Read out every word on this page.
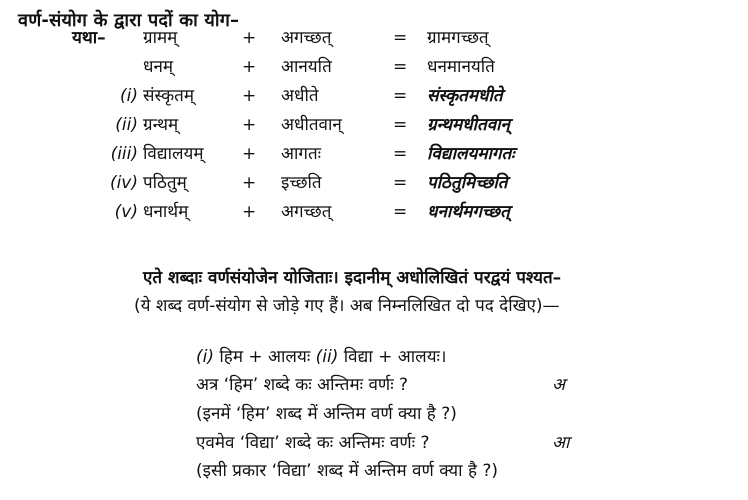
वर्ण-संयोग के द्वारा पदों का योग–
यथा– ग्रामम्	+ अगच्छत्	= ग्रामगच्छत्
धनम्	+ आनयति	= धनमानयति
(i) संस्कृतम्	+ अधीते	= संस्कृतमधीते
(ii) ग्रन्थम्	+ अधीतवान्	= ग्रन्थमधीतवान्
(iii) विद्यालयम् + आगतः	= विद्यालयमागतः
(iv) पठितुम्	+ इच्छति	= पठितुमिच्छति
(v) धनार्थम्	+ अगच्छत्	= धनार्थमगच्छत्
एते शब्दाः वर्णसंयोजेन योजिताः। इदानीम् अधोलिखितं परद्वयं पश्यत–
(ये शब्द वर्ण-संयोग से जोड़े गए हैं। अब निम्नलिखित दो पद देखिए)—
(i) हिम + आलयः (ii) विद्या + आलयः।
अत्र ‘हिम’ शब्दे कः अन्तिमः वर्णः ?	अ
(इनमें ‘हिम’ शब्द में अन्तिम वर्ण क्या है ?)
एवमेव ‘विद्या’ शब्दे कः अन्तिमः वर्णः ?	आ
(इसी प्रकार ‘विद्या’ शब्द में अन्तिम वर्ण क्या है ?)
